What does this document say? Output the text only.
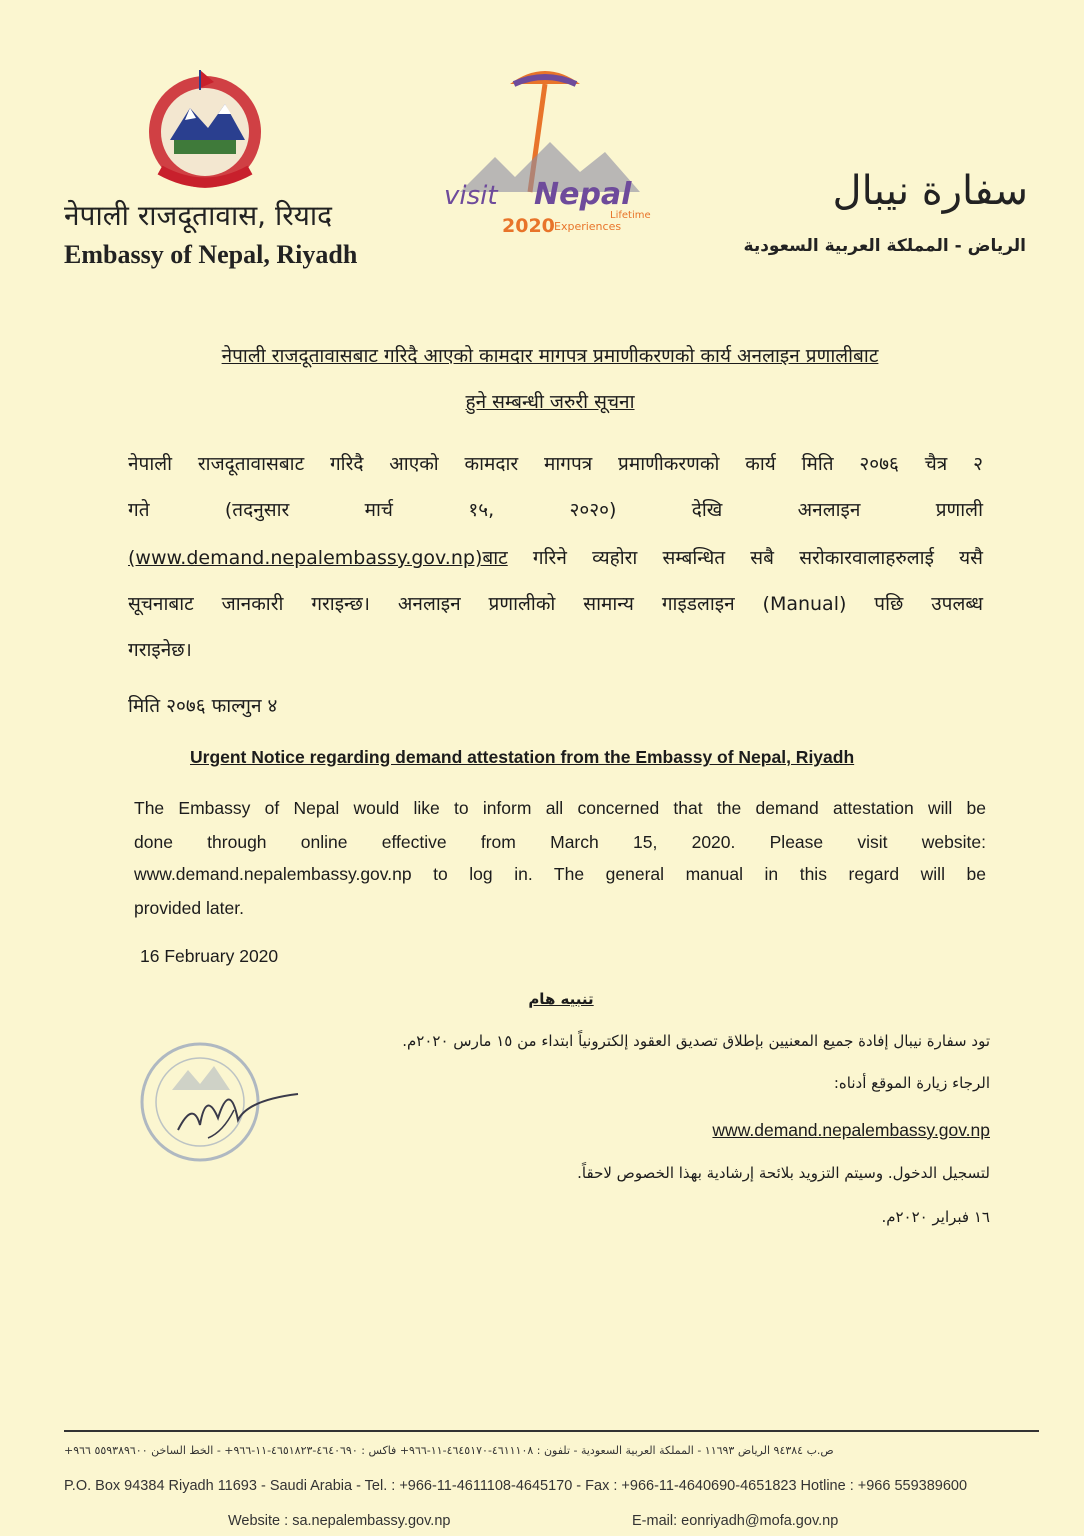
नेपाली राजदूतावास, रियाद
Embassy of Nepal, Riyadh
visit Nepal
2020	Lifetime
Experiences
سفارة نيبال
الرياض - المملكة العربية السعودية
नेपाली राजदूतावासबाट गरिदै आएको कामदार मागपत्र प्रमाणीकरणको कार्य अनलाइन प्रणालीबाट
हुने सम्बन्धी जरुरी सूचना
नेपाली राजदूतावासबाट गरिदै आएको कामदार मागपत्र प्रमाणीकरणको कार्य मिति २०७६ चैत्र २
गते (तदनुसार मार्च १५, २०२०) देखि अनलाइन प्रणाली
(www.demand.nepalembassy.gov.np)बाट गरिने व्यहोरा सम्बन्धित सबै सरोकारवालाहरुलाई यसै
सूचनाबाट जानकारी गराइन्छ। अनलाइन प्रणालीको सामान्य गाइडलाइन (Manual) पछि उपलब्ध
गराइनेछ।
मिति २०७६ फाल्गुन ४
Urgent Notice regarding demand attestation from the Embassy of Nepal, Riyadh
The Embassy of Nepal would like to inform all concerned that the demand attestation will be
done through online effective from March 15, 2020. Please visit website:
www.demand.nepalembassy.gov.np to log in. The general manual in this regard will be
provided later.
16 February 2020
تنبيه هام
تود سفارة نيبال إفادة جميع المعنيين بإطلاق تصديق العقود إلكترونياً ابتداء من ١٥ مارس ٢٠٢٠م.
الرجاء زيارة الموقع أدناه:
www.demand.nepalembassy.gov.np
لتسجيل الدخول. وسيتم التزويد بلائحة إرشادية بهذا الخصوص لاحقاً.
١٦ فبراير ٢٠٢٠م.
ص.ب ٩٤٣٨٤ الرياض ١١٦٩٣ - المملكة العربية السعودية - تلفون : ٤٦١١١٠٨-٤٦٤٥١٧٠-١١-٩٦٦+ فاكس : ٤٦٤٠٦٩٠-٤٦٥١٨٢٣-١١-٩٦٦+ - الخط الساخن ٥٥٩٣٨٩٦٠٠ ٩٦٦+
P.O. Box 94384 Riyadh 11693 - Saudi Arabia - Tel. : +966-11-4611108-4645170 - Fax : +966-11-4640690-4651823 Hotline : +966 559389600
Website : sa.nepalembassy.gov.np	E-mail: eonriyadh@mofa.gov.np
